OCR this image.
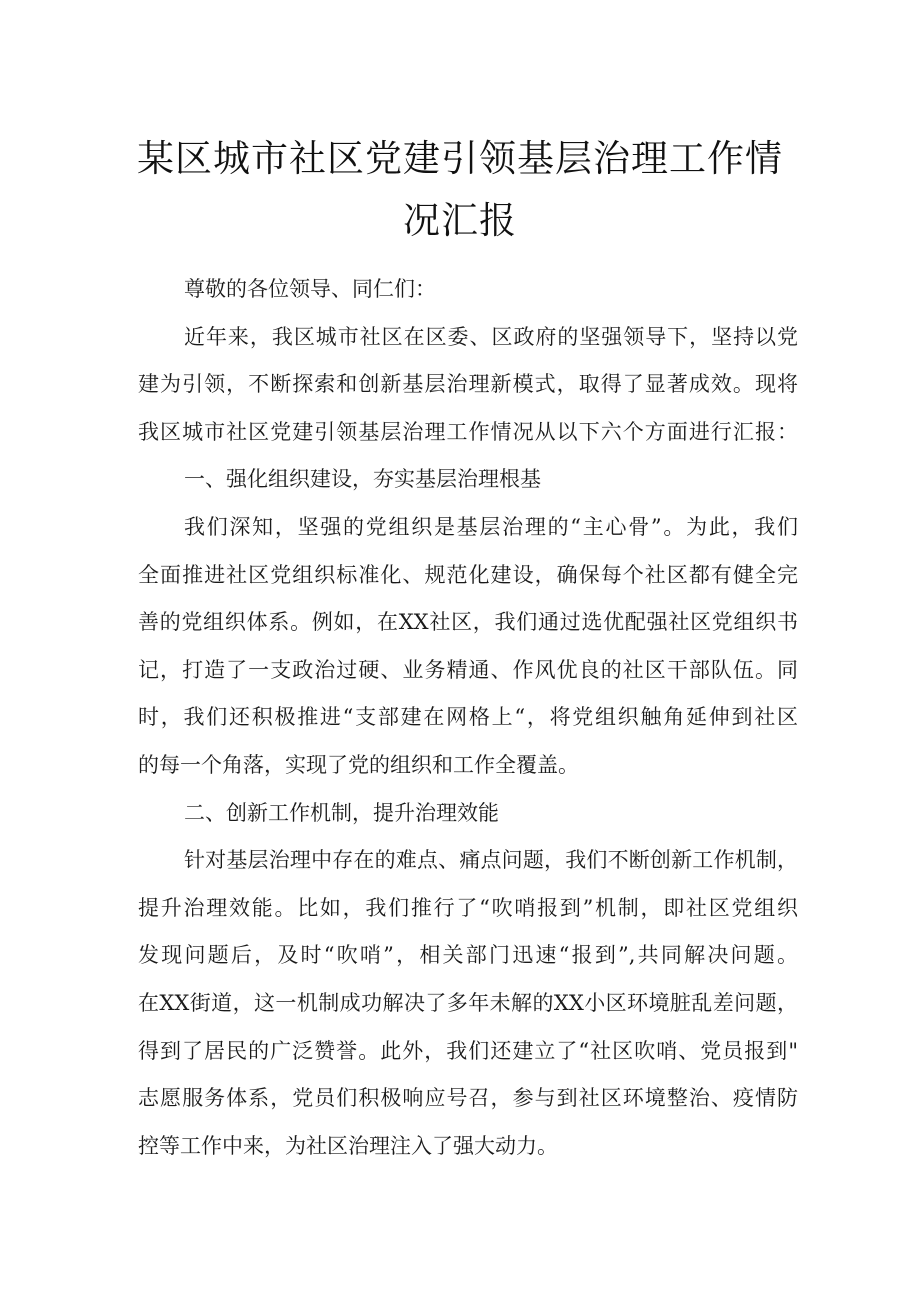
某区城市社区党建引领基层治理工作情
况汇报
尊敬的各位领导、同仁们：
近年来，我区城市社区在区委、区政府的坚强领导下，坚持以党
建为引领，不断探索和创新基层治理新模式，取得了显著成效。现将
我区城市社区党建引领基层治理工作情况从以下六个方面进行汇报：
一、强化组织建设，夯实基层治理根基
我们深知，坚强的党组织是基层治理的“主心骨”。为此，我们
全面推进社区党组织标准化、规范化建设，确保每个社区都有健全完
善的党组织体系。例如，在XX社区，我们通过选优配强社区党组织书
记，打造了一支政治过硬、业务精通、作风优良的社区干部队伍。同
时，我们还积极推进“支部建在网格上“，将党组织触角延伸到社区
的每一个角落，实现了党的组织和工作全覆盖。
二、创新工作机制，提升治理效能
针对基层治理中存在的难点、痛点问题，我们不断创新工作机制，
提升治理效能。比如，我们推行了“吹哨报到”机制，即社区党组织
发现问题后，及时“吹哨”，相关部门迅速“报到”,共同解决问题。
在XX街道，这一机制成功解决了多年未解的XX小区环境脏乱差问题，
得到了居民的广泛赞誉。此外，我们还建立了“社区吹哨、党员报到"
志愿服务体系，党员们积极响应号召，参与到社区环境整治、疫情防
控等工作中来，为社区治理注入了强大动力。
